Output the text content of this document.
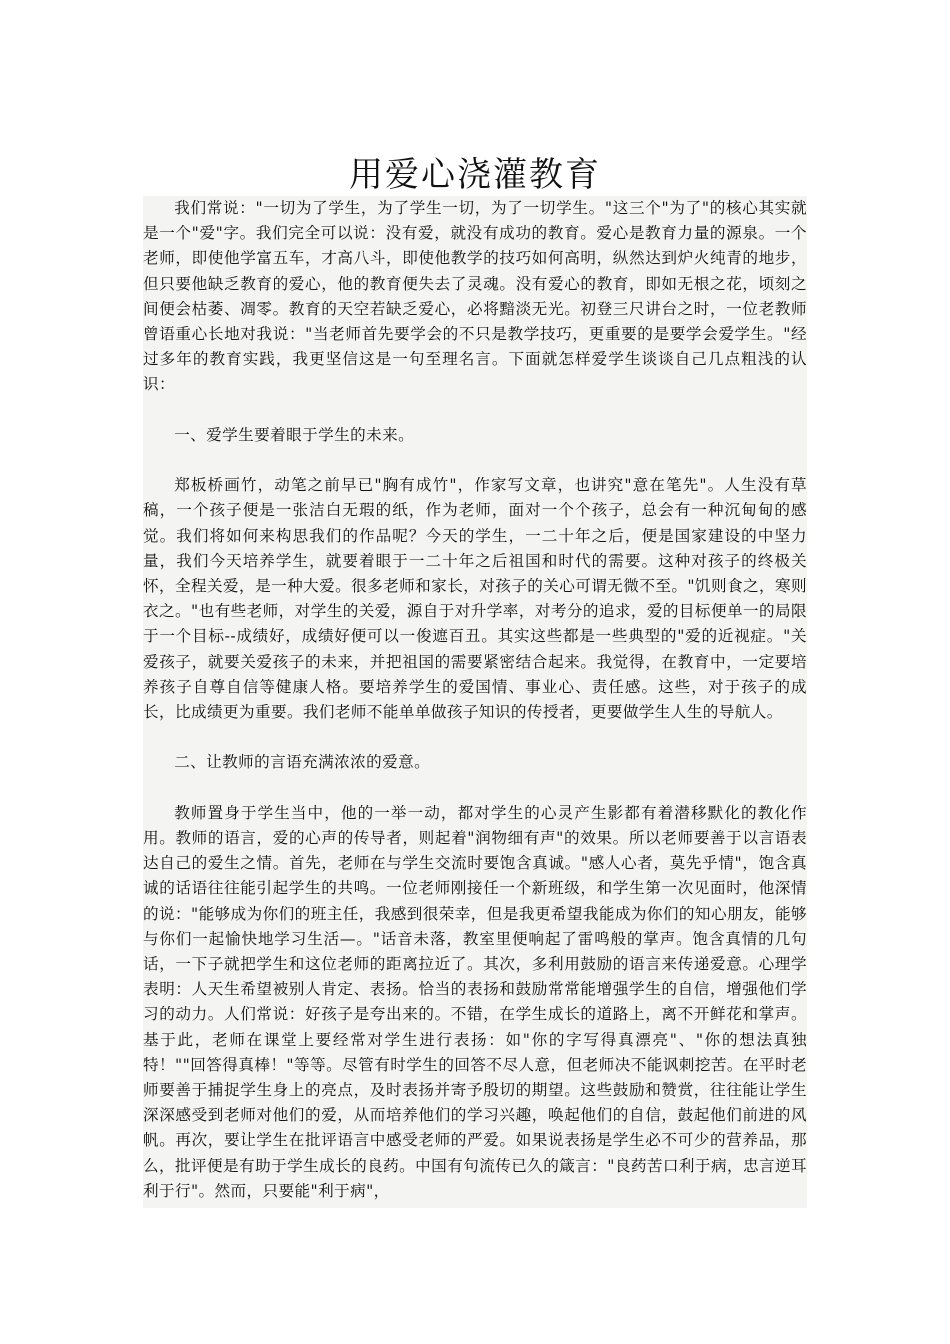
用爱心浇灌教育

我们常说："一切为了学生，为了学生一切，为了一切学生。"这三个"为了"的核心其实就是一个"爱"字。我们完全可以说：没有爱，就没有成功的教育。爱心是教育力量的源泉。一个老师，即使他学富五车，才高八斗，即使他教学的技巧如何高明，纵然达到炉火纯青的地步，但只要他缺乏教育的爱心，他的教育便失去了灵魂。没有爱心的教育，即如无根之花，顷刻之间便会枯萎、凋零。教育的天空若缺乏爱心，必将黯淡无光。初登三尺讲台之时，一位老教师曾语重心长地对我说："当老师首先要学会的不只是教学技巧，更重要的是要学会爱学生。"经过多年的教育实践，我更坚信这是一句至理名言。下面就怎样爱学生谈谈自己几点粗浅的认识：

一、爱学生要着眼于学生的未来。

郑板桥画竹，动笔之前早已"胸有成竹"，作家写文章，也讲究"意在笔先"。人生没有草稿，一个孩子便是一张洁白无瑕的纸，作为老师，面对一个个孩子，总会有一种沉甸甸的感觉。我们将如何来构思我们的作品呢？今天的学生，一二十年之后，便是国家建设的中坚力量，我们今天培养学生，就要着眼于一二十年之后祖国和时代的需要。这种对孩子的终极关怀，全程关爱，是一种大爱。很多老师和家长，对孩子的关心可谓无微不至。"饥则食之，寒则衣之。"也有些老师，对学生的关爱，源自于对升学率，对考分的追求，爱的目标便单一的局限于一个目标--成绩好，成绩好便可以一俊遮百丑。其实这些都是一些典型的"爱的近视症。"关爱孩子，就要关爱孩子的未来，并把祖国的需要紧密结合起来。我觉得，在教育中，一定要培养孩子自尊自信等健康人格。要培养学生的爱国情、事业心、责任感。这些，对于孩子的成长，比成绩更为重要。我们老师不能单单做孩子知识的传授者，更要做学生人生的导航人。

二、让教师的言语充满浓浓的爱意。

教师置身于学生当中，他的一举一动，都对学生的心灵产生影都有着潜移默化的教化作用。教师的语言，爱的心声的传导者，则起着"润物细有声"的效果。所以老师要善于以言语表达自己的爱生之情。首先，老师在与学生交流时要饱含真诚。"感人心者，莫先乎情"，饱含真诚的话语往往能引起学生的共鸣。一位老师刚接任一个新班级，和学生第一次见面时，他深情的说："能够成为你们的班主任，我感到很荣幸，但是我更希望我能成为你们的知心朋友，能够与你们一起愉快地学习生活—。"话音未落，教室里便响起了雷鸣般的掌声。饱含真情的几句话，一下子就把学生和这位老师的距离拉近了。其次，多利用鼓励的语言来传递爱意。心理学表明：人天生希望被别人肯定、表扬。恰当的表扬和鼓励常常能增强学生的自信，增强他们学习的动力。人们常说：好孩子是夸出来的。不错，在学生成长的道路上，离不开鲜花和掌声。基于此，老师在课堂上要经常对学生进行表扬：如"你的字写得真漂亮"、"你的想法真独特！""回答得真棒！"等等。尽管有时学生的回答不尽人意，但老师决不能讽刺挖苦。在平时老师要善于捕捉学生身上的亮点，及时表扬并寄予殷切的期望。这些鼓励和赞赏，往往能让学生深深感受到老师对他们的爱，从而培养他们的学习兴趣，唤起他们的自信，鼓起他们前进的风帆。再次，要让学生在批评语言中感受老师的严爱。如果说表扬是学生必不可少的营养品，那么，批评便是有助于学生成长的良药。中国有句流传已久的箴言："良药苦口利于病，忠言逆耳利于行"。然而，只要能"利于病"，
